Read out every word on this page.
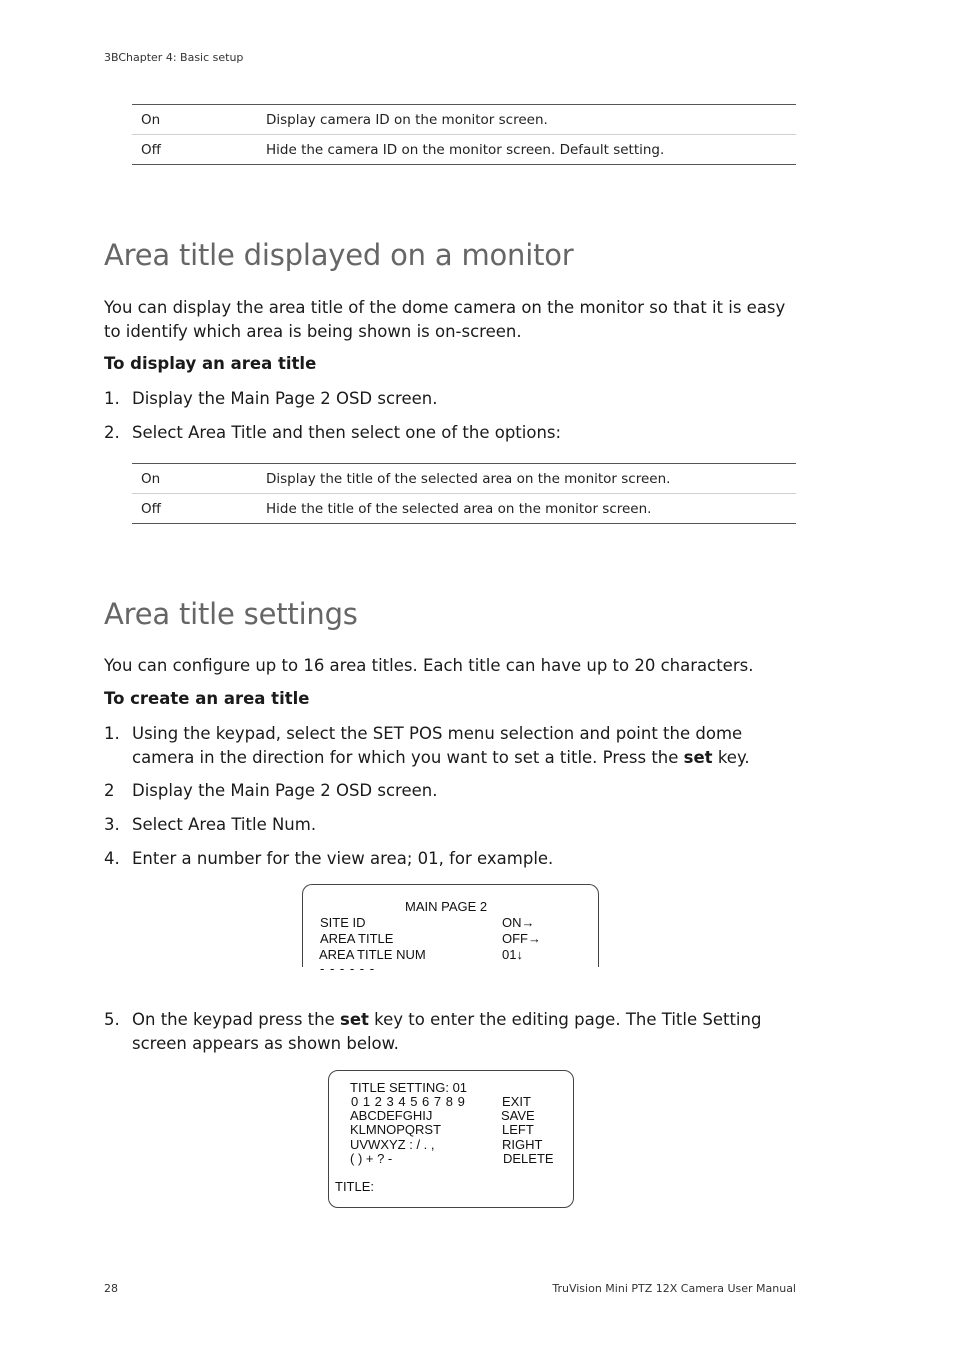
3BChapter 4: Basic setup
On	Display camera ID on the monitor screen.
Off	Hide the camera ID on the monitor screen. Default setting.
Area title displayed on a monitor

You can display the area title of the dome camera on the monitor so that it is easy to identify which area is being shown is on-screen.

To display an area title
1. Display the Main Page 2 OSD screen.
2. Select Area Title and then select one of the options:
On	Display the title of the selected area on the monitor screen.
Off	Hide the title of the selected area on the monitor screen.
Area title settings

You can configure up to 16 area titles. Each title can have up to 20 characters.

To create an area title
1. Using the keypad, select the SET POS menu selection and point the dome camera in the direction for which you want to set a title. Press the set key.
2 Display the Main Page 2 OSD screen.
3. Select Area Title Num.
4. Enter a number for the view area; 01, for example.
MAIN PAGE 2
SITE ID	ON→
AREA TITLE	OFF→
AREA TITLE NUM	01↓
- - - - - -
5. On the keypad press the set key to enter the editing page. The Title Setting screen appears as shown below.
TITLE SETTING: 01
0 1 2 3 4 5 6 7 8 9
ABCDEFGHIJ
KLMNOPQRST
UVWXYZ : / . ,
( ) + ? -
EXIT
SAVE
LEFT
RIGHT
DELETE
TITLE:
28	TruVision Mini PTZ 12X Camera User Manual
